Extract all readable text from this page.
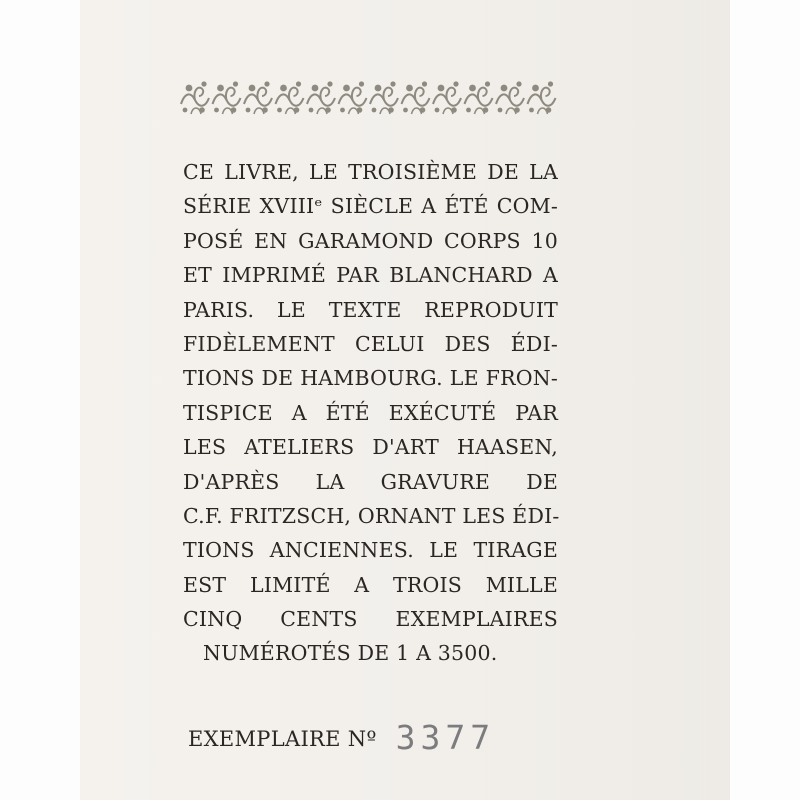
CE LIVRE, LE TROISIÈME DE LA
SÉRIE XVIIIᵉ SIÈCLE A ÉTÉ COM-
POSÉ EN GARAMOND CORPS 10
ET IMPRIMÉ PAR BLANCHARD A
PARIS. LE TEXTE REPRODUIT
FIDÈLEMENT CELUI DES ÉDI-
TIONS DE HAMBOURG. LE FRON-
TISPICE A ÉTÉ EXÉCUTÉ PAR
LES ATELIERS D'ART HAASEN,
D'APRÈS LA GRAVURE DE
C.F. FRITZSCH, ORNANT LES ÉDI-
TIONS ANCIENNES. LE TIRAGE
EST LIMITÉ A TROIS MILLE
CINQ CENTS EXEMPLAIRES
NUMÉROTÉS DE 1 A 3500.
EXEMPLAIRE Nº 3377
